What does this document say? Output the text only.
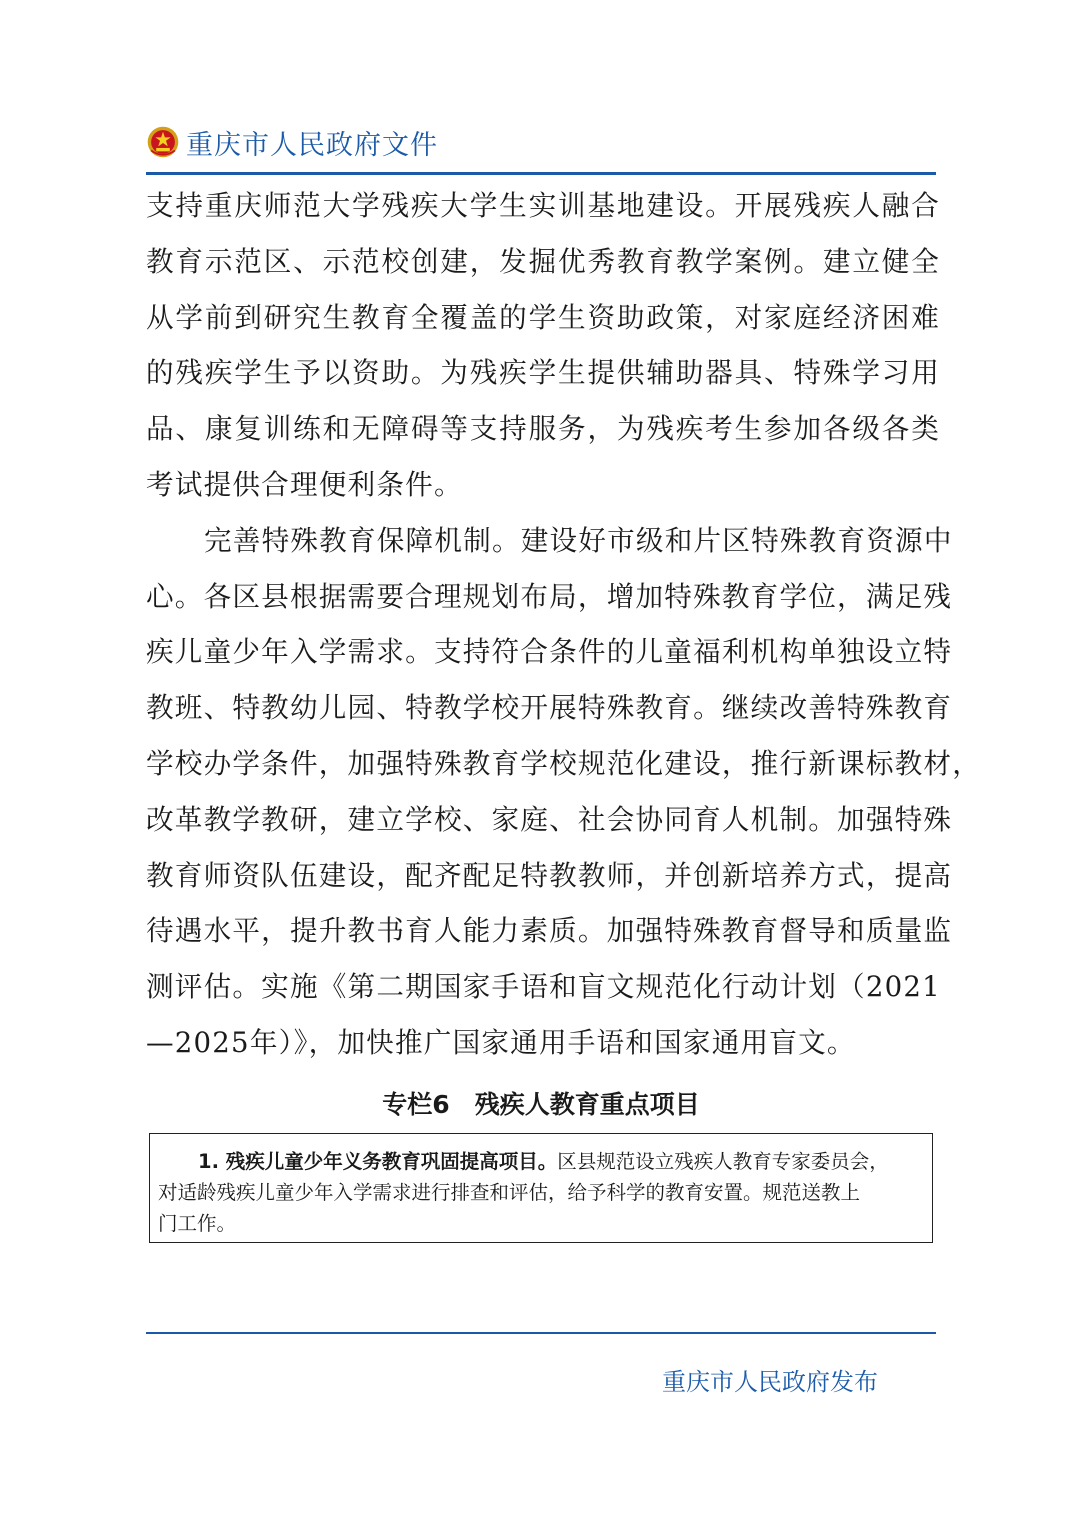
重庆市人民政府文件

支持重庆师范大学残疾大学生实训基地建设。开展残疾人融合
教育示范区、示范校创建，发掘优秀教育教学案例。建立健全
从学前到研究生教育全覆盖的学生资助政策，对家庭经济困难
的残疾学生予以资助。为残疾学生提供辅助器具、特殊学习用
品、康复训练和无障碍等支持服务，为残疾考生参加各级各类
考试提供合理便利条件。

完善特殊教育保障机制。建设好市级和片区特殊教育资源中
心。各区县根据需要合理规划布局，增加特殊教育学位，满足残
疾儿童少年入学需求。支持符合条件的儿童福利机构单独设立特
教班、特教幼儿园、特教学校开展特殊教育。继续改善特殊教育
学校办学条件，加强特殊教育学校规范化建设，推行新课标教材，
改革教学教研，建立学校、家庭、社会协同育人机制。加强特殊
教育师资队伍建设，配齐配足特教教师，并创新培养方式，提高
待遇水平，提升教书育人能力素质。加强特殊教育督导和质量监
测评估。实施《第二期国家手语和盲文规范化行动计划（2021
—2025年）》，加快推广国家通用手语和国家通用盲文。

专栏6　残疾人教育重点项目
1. 残疾儿童少年义务教育巩固提高项目。区县规范设立残疾人教育专家委员会，
对适龄残疾儿童少年入学需求进行排查和评估，给予科学的教育安置。规范送教上
门工作。
重庆市人民政府发布
